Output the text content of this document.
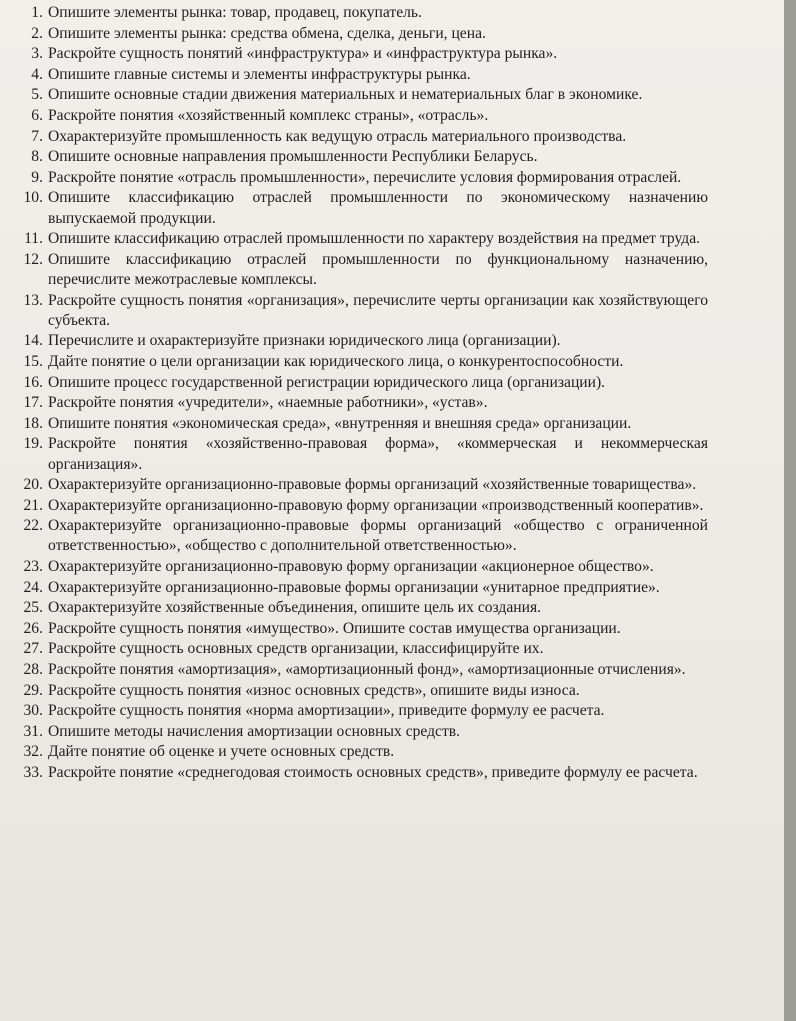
1. Опишите элементы рынка: товар, продавец, покупатель.
2. Опишите элементы рынка: средства обмена, сделка, деньги, цена.
3. Раскройте сущность понятий «инфраструктура» и «инфраструктура рынка».
4. Опишите главные системы и элементы инфраструктуры рынка.
5. Опишите основные стадии движения материальных и нематериальных благ в экономике.
6. Раскройте понятия «хозяйственный комплекс страны», «отрасль».
7. Охарактеризуйте промышленность как ведущую отрасль материального производства.
8. Опишите основные направления промышленности Республики Беларусь.
9. Раскройте понятие «отрасль промышленности», перечислите условия формирования отраслей.
10. Опишите классификацию отраслей промышленности по экономическому назначению выпускаемой продукции.
11. Опишите классификацию отраслей промышленности по характеру воздействия на предмет труда.
12. Опишите классификацию отраслей промышленности по функциональному назначению, перечислите межотраслевые комплексы.
13. Раскройте сущность понятия «организация», перечислите черты организации как хозяйствующего субъекта.
14. Перечислите и охарактеризуйте признаки юридического лица (организации).
15. Дайте понятие о цели организации как юридического лица, о конкурентоспособности.
16. Опишите процесс государственной регистрации юридического лица (организации).
17. Раскройте понятия «учредители», «наемные работники», «устав».
18. Опишите понятия «экономическая среда», «внутренняя и внешняя среда» организации.
19. Раскройте понятия «хозяйственно-правовая форма», «коммерческая и некоммерческая организация».
20. Охарактеризуйте организационно-правовые формы организаций «хозяйственные товарищества».
21. Охарактеризуйте организационно-правовую форму организации «производственный кооператив».
22. Охарактеризуйте организационно-правовые формы организаций «общество с ограниченной ответственностью», «общество с дополнительной ответственностью».
23. Охарактеризуйте организационно-правовую форму организации «акционерное общество».
24. Охарактеризуйте организационно-правовые формы организации «унитарное предприятие».
25. Охарактеризуйте хозяйственные объединения, опишите цель их создания.
26. Раскройте сущность понятия «имущество». Опишите состав имущества организации.
27. Раскройте сущность основных средств организации, классифицируйте их.
28. Раскройте понятия «амортизация», «амортизационный фонд», «амортизационные отчисления».
29. Раскройте сущность понятия «износ основных средств», опишите виды износа.
30. Раскройте сущность понятия «норма амортизации», приведите формулу ее расчета.
31. Опишите методы начисления амортизации основных средств.
32. Дайте понятие об оценке и учете основных средств.
33. Раскройте понятие «среднегодовая стоимость основных средств», приведите формулу ее расчета.
